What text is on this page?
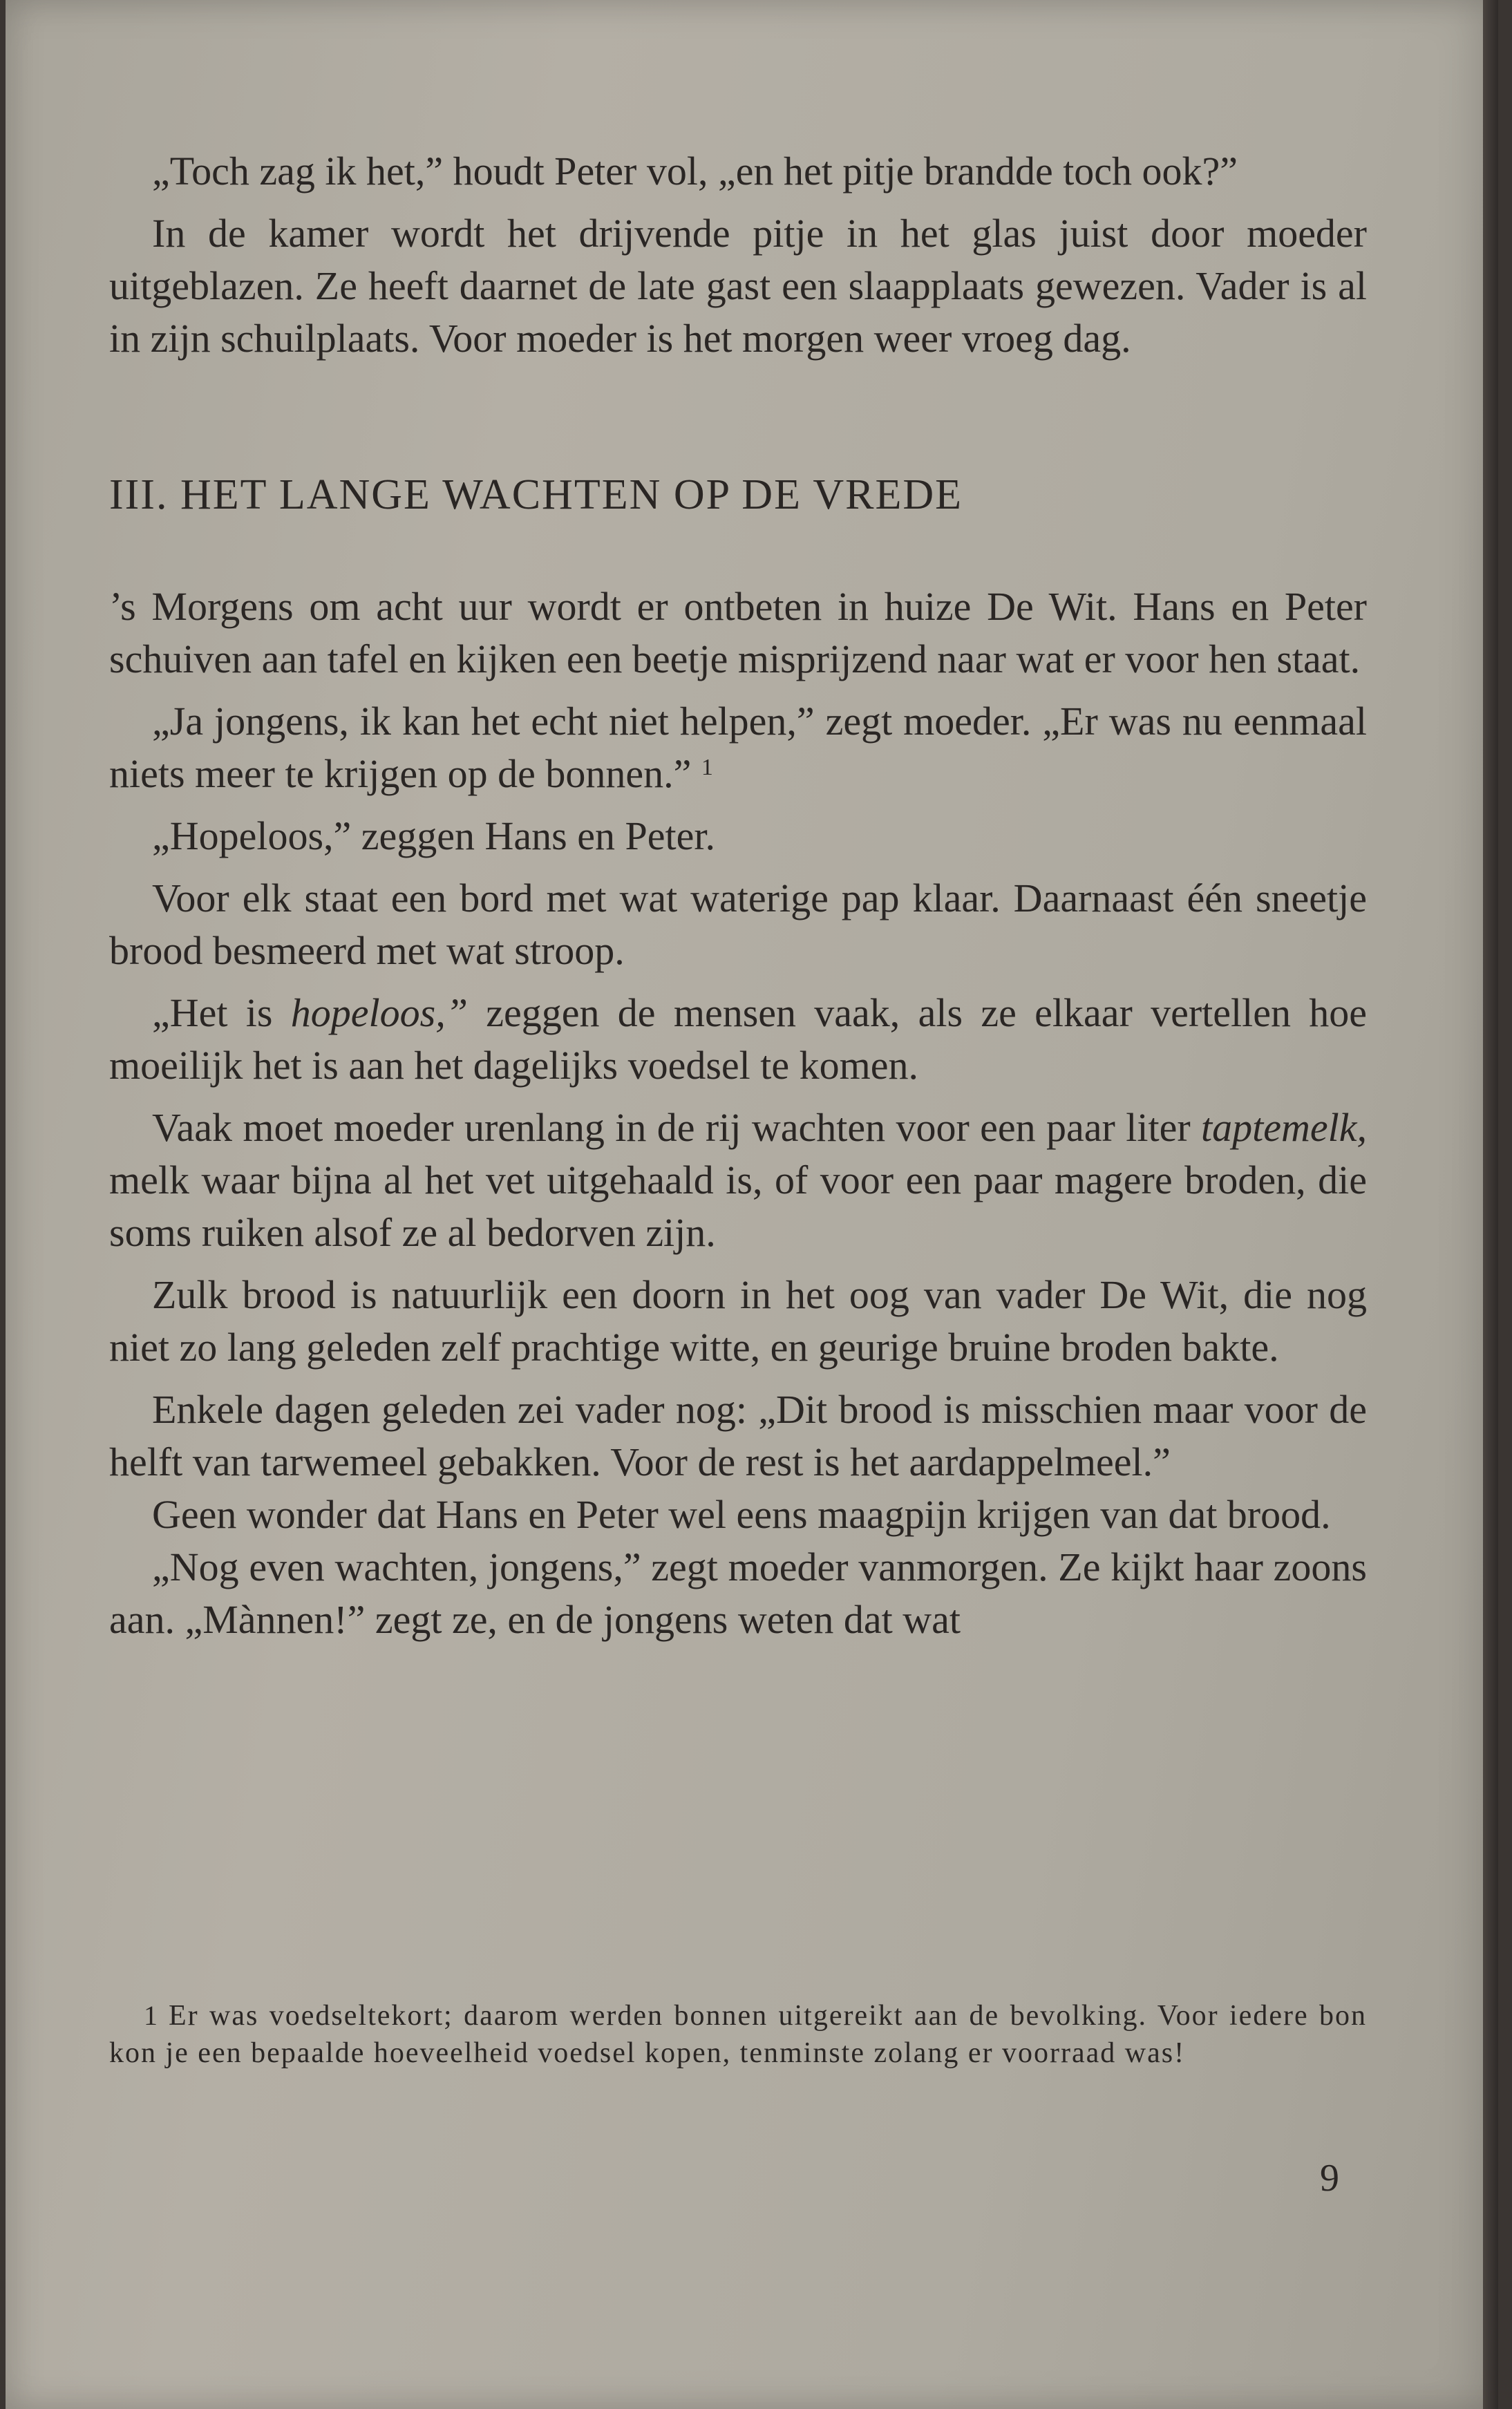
„Toch zag ik het,” houdt Peter vol, „en het pitje brandde toch ook?”

In de kamer wordt het drijvende pitje in het glas juist door moeder uitgeblazen. Ze heeft daarnet de late gast een slaapplaats gewezen. Vader is al in zijn schuilplaats. Voor moeder is het morgen weer vroeg dag.

III. HET LANGE WACHTEN OP DE VREDE

’s Morgens om acht uur wordt er ontbeten in huize De Wit. Hans en Peter schuiven aan tafel en kijken een beetje misprijzend naar wat er voor hen staat.

„Ja jongens, ik kan het echt niet helpen,” zegt moeder. „Er was nu eenmaal niets meer te krijgen op de bonnen.” $^1$

„Hopeloos,” zeggen Hans en Peter.

Voor elk staat een bord met wat waterige pap klaar. Daarnaast één sneetje brood besmeerd met wat stroop.

„Het is hopeloos,” zeggen de mensen vaak, als ze elkaar vertellen hoe moeilijk het is aan het dagelijks voedsel te komen.

Vaak moet moeder urenlang in de rij wachten voor een paar liter taptemelk, melk waar bijna al het vet uitgehaald is, of voor een paar magere broden, die soms ruiken alsof ze al bedorven zijn.

Zulk brood is natuurlijk een doorn in het oog van vader De Wit, die nog niet zo lang geleden zelf prachtige witte, en geurige bruine broden bakte.

Enkele dagen geleden zei vader nog: „Dit brood is misschien maar voor de helft van tarwemeel gebakken. Voor de rest is het aardappelmeel.”

Geen wonder dat Hans en Peter wel eens maagpijn krijgen van dat brood.

„Nog even wachten, jongens,” zegt moeder vanmorgen. Ze kijkt haar zoons aan. „Mànnen!” zegt ze, en de jongens weten dat wat

1 Er was voedseltekort; daarom werden bonnen uitgereikt aan de bevolking. Voor iedere bon kon je een bepaalde hoeveelheid voedsel kopen, tenminste zolang er voorraad was!
9
